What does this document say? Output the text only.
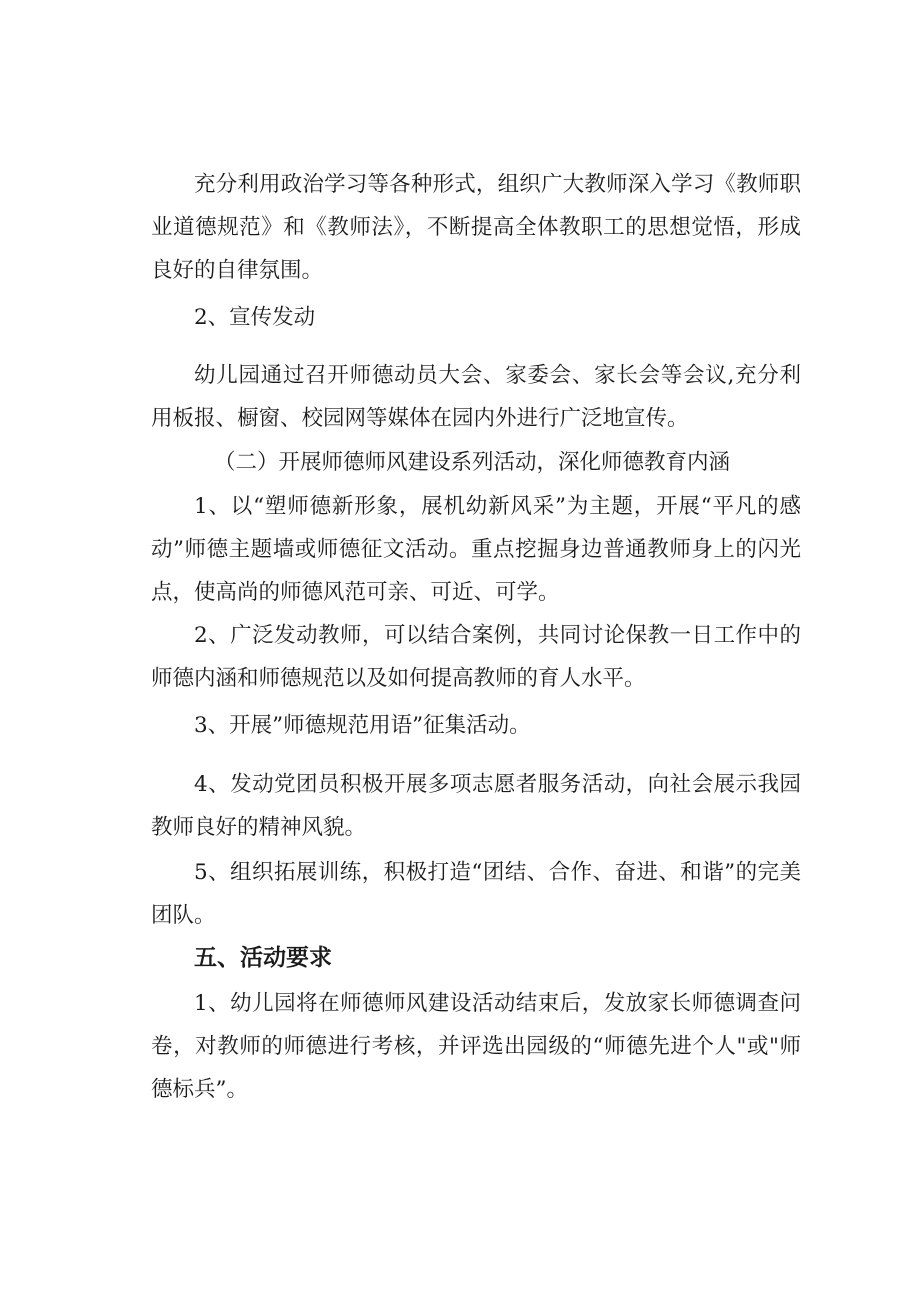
充分利用政治学习等各种形式，组织广大教师深入学习《教师职业道德规范》和《教师法》，不断提高全体教职工的思想觉悟，形成良好的自律氛围。

2、宣传发动

幼儿园通过召开师德动员大会、家委会、家长会等会议,充分利用板报、橱窗、校园网等媒体在园内外进行广泛地宣传。

（二）开展师德师风建设系列活动，深化师德教育内涵

1、以“塑师德新形象，展机幼新风采”为主题，开展“平凡的感动”师德主题墙或师德征文活动。重点挖掘身边普通教师身上的闪光点，使高尚的师德风范可亲、可近、可学。

2、广泛发动教师，可以结合案例，共同讨论保教一日工作中的师德内涵和师德规范以及如何提高教师的育人水平。

3、开展”师德规范用语”征集活动。

4、发动党团员积极开展多项志愿者服务活动，向社会展示我园教师良好的精神风貌。

5、组织拓展训练，积极打造“团结、合作、奋进、和谐”的完美团队。

五、活动要求

1、幼儿园将在师德师风建设活动结束后，发放家长师德调查问卷，对教师的师德进行考核，并评选出园级的“师德先进个人"或"师德标兵”。
